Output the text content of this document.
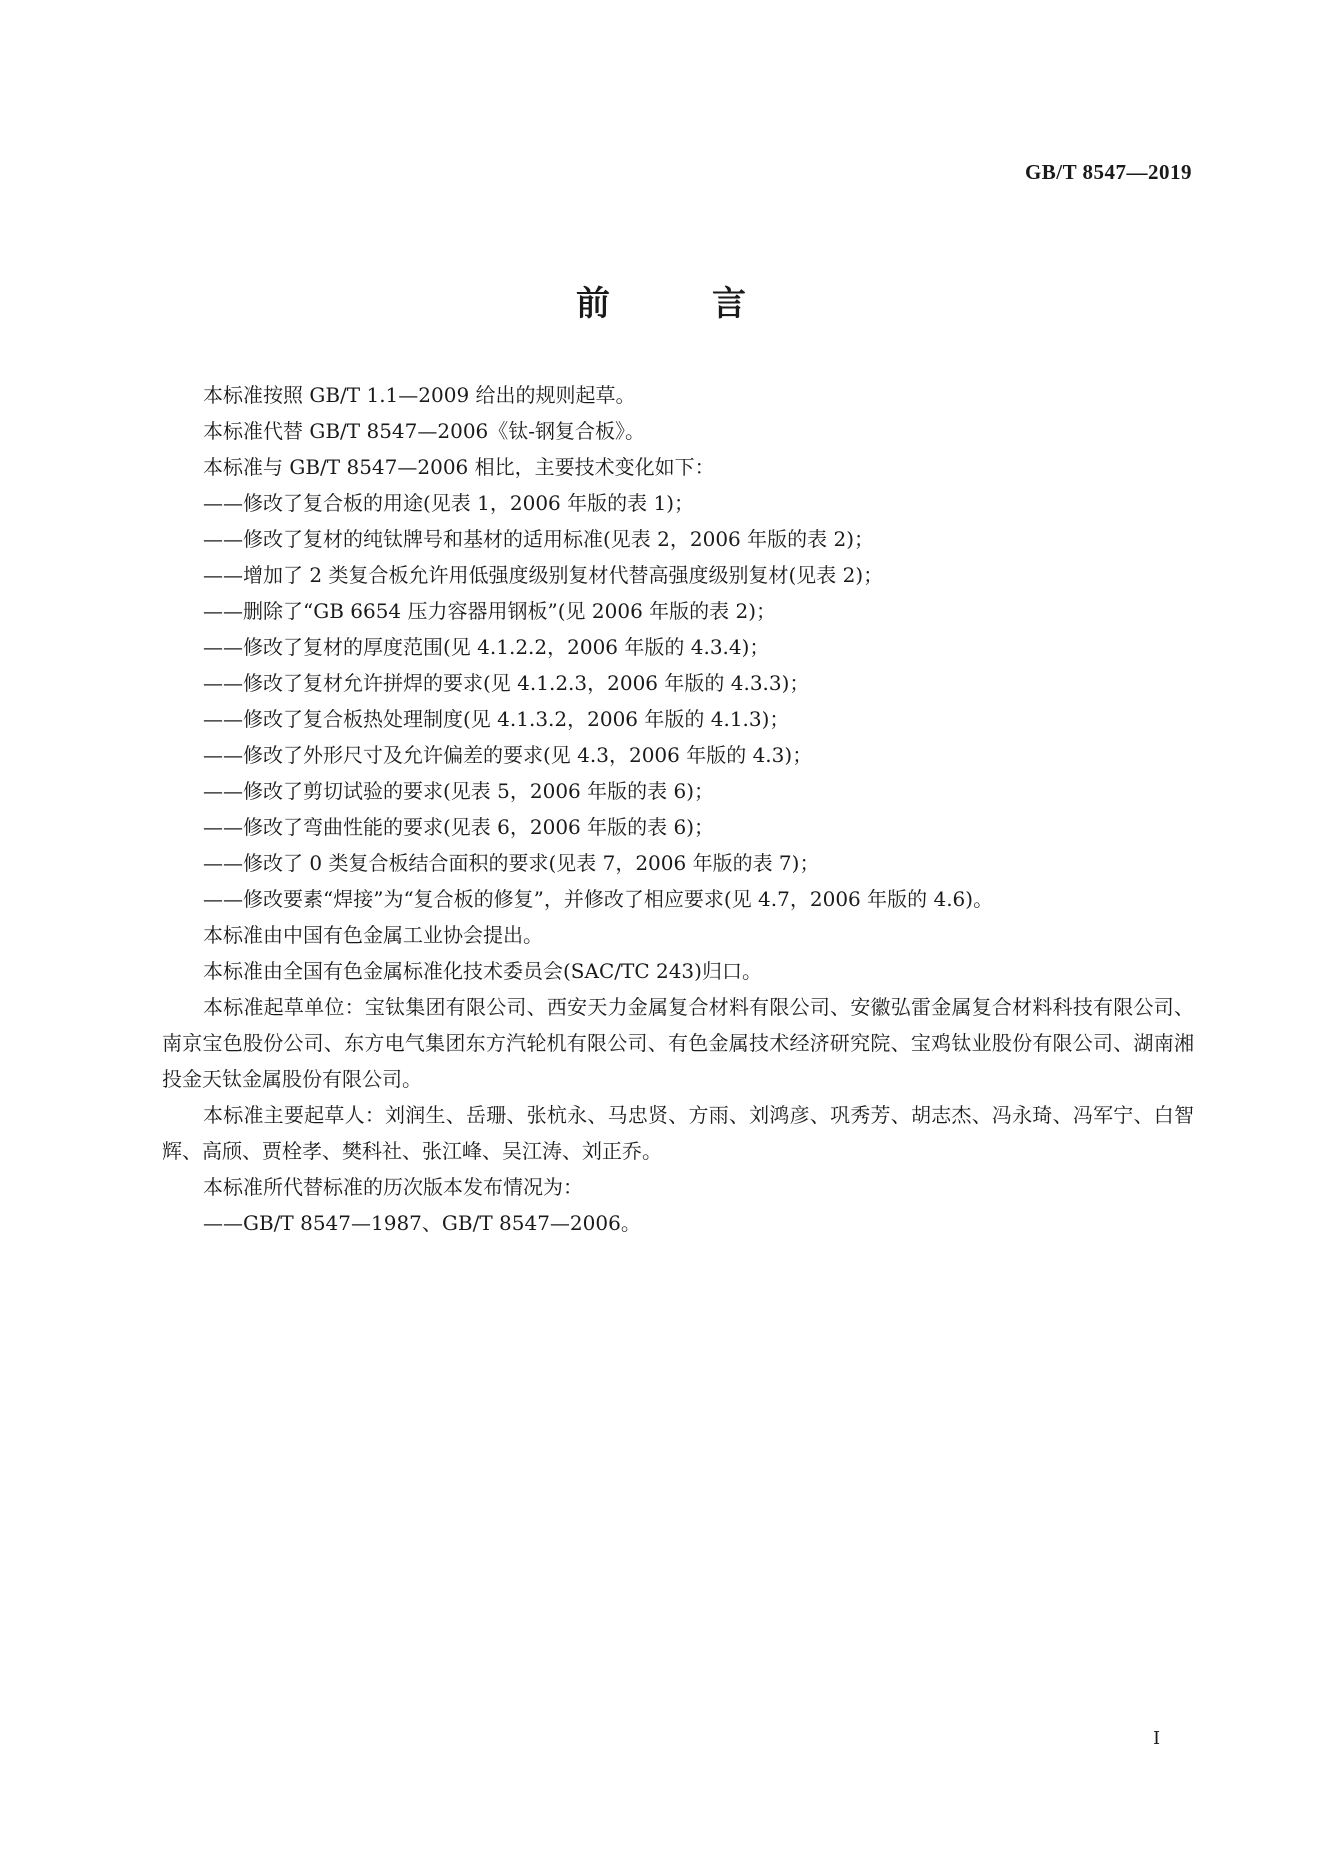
GB/T 8547—2019
前　言

本标准按照 GB/T 1.1—2009 给出的规则起草。

本标准代替 GB/T 8547—2006《钛-钢复合板》。

本标准与 GB/T 8547—2006 相比，主要技术变化如下：

——修改了复合板的用途(见表 1，2006 年版的表 1)；

——修改了复材的纯钛牌号和基材的适用标准(见表 2，2006 年版的表 2)；

——增加了 2 类复合板允许用低强度级别复材代替高强度级别复材(见表 2)；

——删除了“GB 6654 压力容器用钢板”(见 2006 年版的表 2)；

——修改了复材的厚度范围(见 4.1.2.2，2006 年版的 4.3.4)；

——修改了复材允许拼焊的要求(见 4.1.2.3，2006 年版的 4.3.3)；

——修改了复合板热处理制度(见 4.1.3.2，2006 年版的 4.1.3)；

——修改了外形尺寸及允许偏差的要求(见 4.3，2006 年版的 4.3)；

——修改了剪切试验的要求(见表 5，2006 年版的表 6)；

——修改了弯曲性能的要求(见表 6，2006 年版的表 6)；

——修改了 0 类复合板结合面积的要求(见表 7，2006 年版的表 7)；

——修改要素“焊接”为“复合板的修复”，并修改了相应要求(见 4.7，2006 年版的 4.6)。

本标准由中国有色金属工业协会提出。

本标准由全国有色金属标准化技术委员会(SAC/TC 243)归口。

本标准起草单位：宝钛集团有限公司、西安天力金属复合材料有限公司、安徽弘雷金属复合材料科技有限公司、南京宝色股份公司、东方电气集团东方汽轮机有限公司、有色金属技术经济研究院、宝鸡钛业股份有限公司、湖南湘投金天钛金属股份有限公司。

本标准主要起草人：刘润生、岳珊、张杭永、马忠贤、方雨、刘鸿彦、巩秀芳、胡志杰、冯永琦、冯军宁、白智辉、高颀、贾栓孝、樊科社、张江峰、吴江涛、刘正乔。

本标准所代替标准的历次版本发布情况为：

——GB/T 8547—1987、GB/T 8547—2006。

I
